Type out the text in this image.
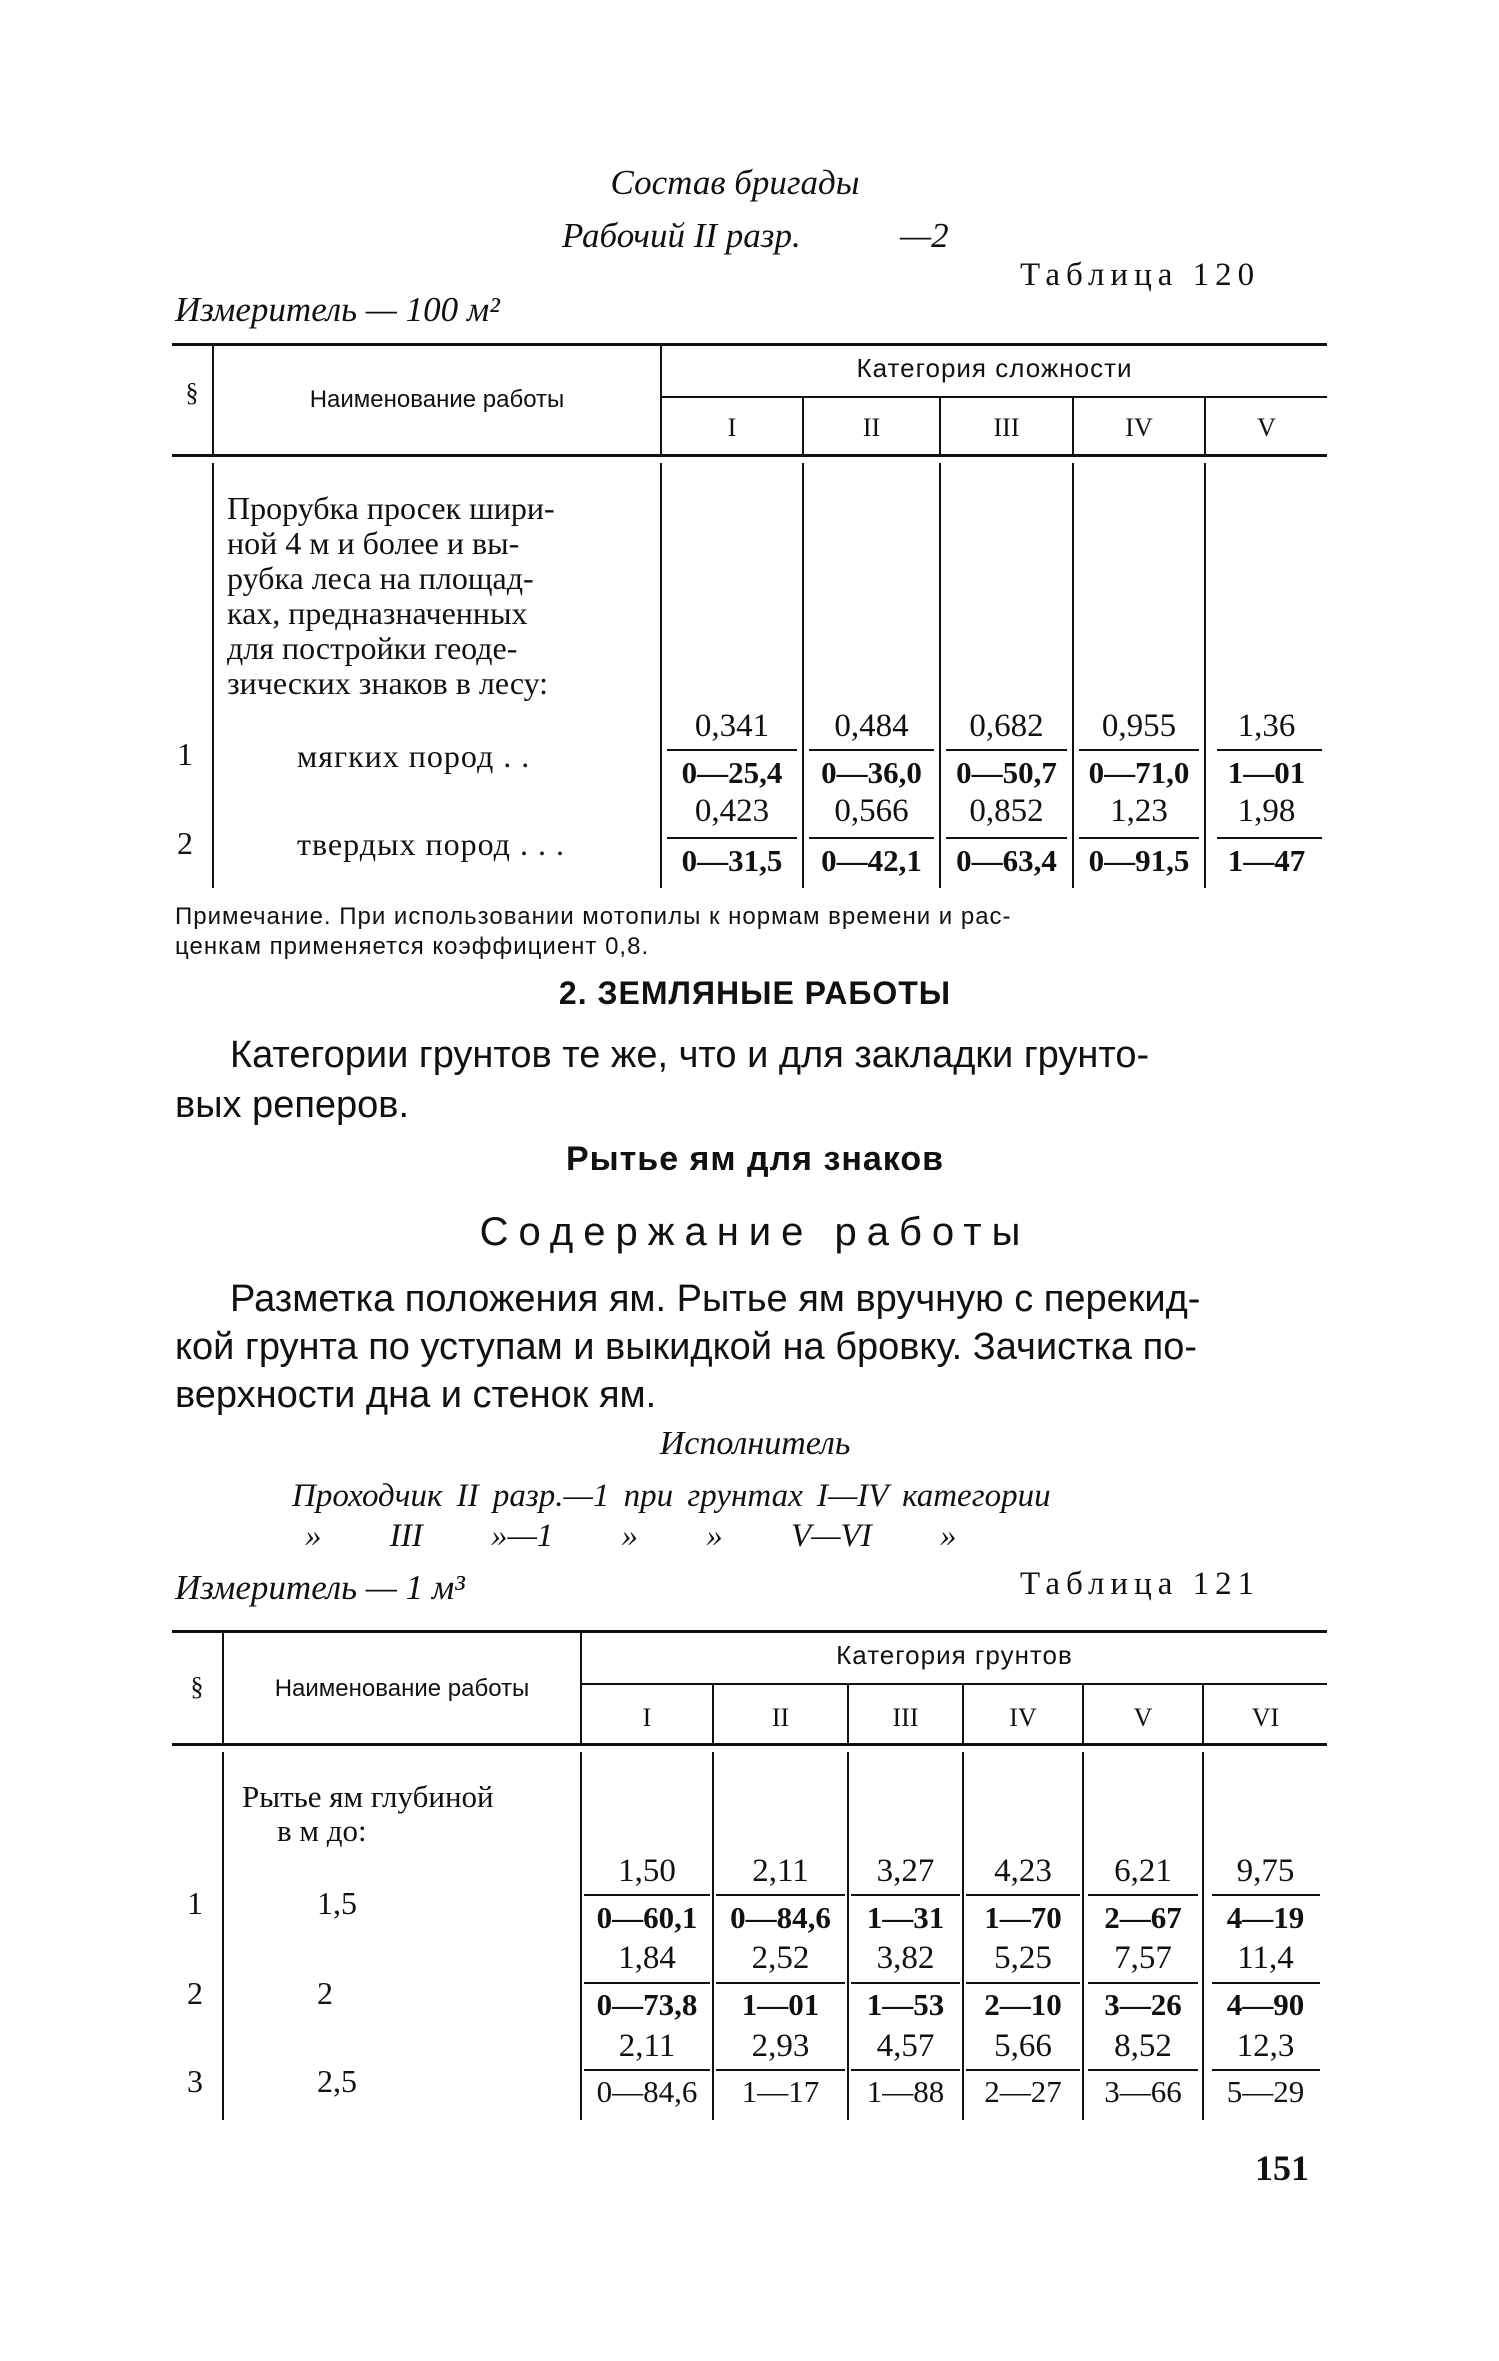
Состав бригады
Рабочий II разр.	—2
Измеритель — 100 м²
Таблица 120
§	Наименование работы
Категория сложности
I	II	III	IV	V
Прорубка просек шири-
ной 4 м и более и вы-
рубка леса на площад-
ках, предназначенных
для постройки геоде-
зических знаков в лесу:
1	мягких пород . .
0,341	0,484	0,682	0,955	1,36
0—25,4	0—36,0	0—50,7	0—71,0	1—01
2	твердых пород . . .
0,423	0,566	0,852	1,23	1,98
0—31,5	0—42,1	0—63,4	0—91,5	1—47
Примечание. При использовании мотопилы к нормам времени и рас-
ценкам применяется коэффициент 0,8.
2. ЗЕМЛЯНЫЕ РАБОТЫ
Категории грунтов те же, что и для закладки грунто-
вых реперов.
Рытье ям для знаков
Содержание работы
Разметка положения ям. Рытье ям вручную с перекид-
кой грунта по уступам и выкидкой на бровку. Зачистка по-
верхности дна и стенок ям.
Исполнитель
Проходчик II разр.—1 при грунтах I—IV категории
» III »—1 » » V—VI »
Измеритель — 1 м³	Таблица 121
§	Наименование работы
Категория грунтов
I	II	III	IV	V	VI
Рытье ям глубиной
в м до:
1	1,5
1,50	2,11	3,27	4,23	6,21	9,75
0—60,1	0—84,6	1—31	1—70	2—67	4—19
2	2
1,84	2,52	3,82	5,25	7,57	11,4
0—73,8	1—01	1—53	2—10	3—26	4—90
3	2,5
2,11	2,93	4,57	5,66	8,52	12,3
0—84,6	1—17	1—88	2—27	3—66	5—29
151
